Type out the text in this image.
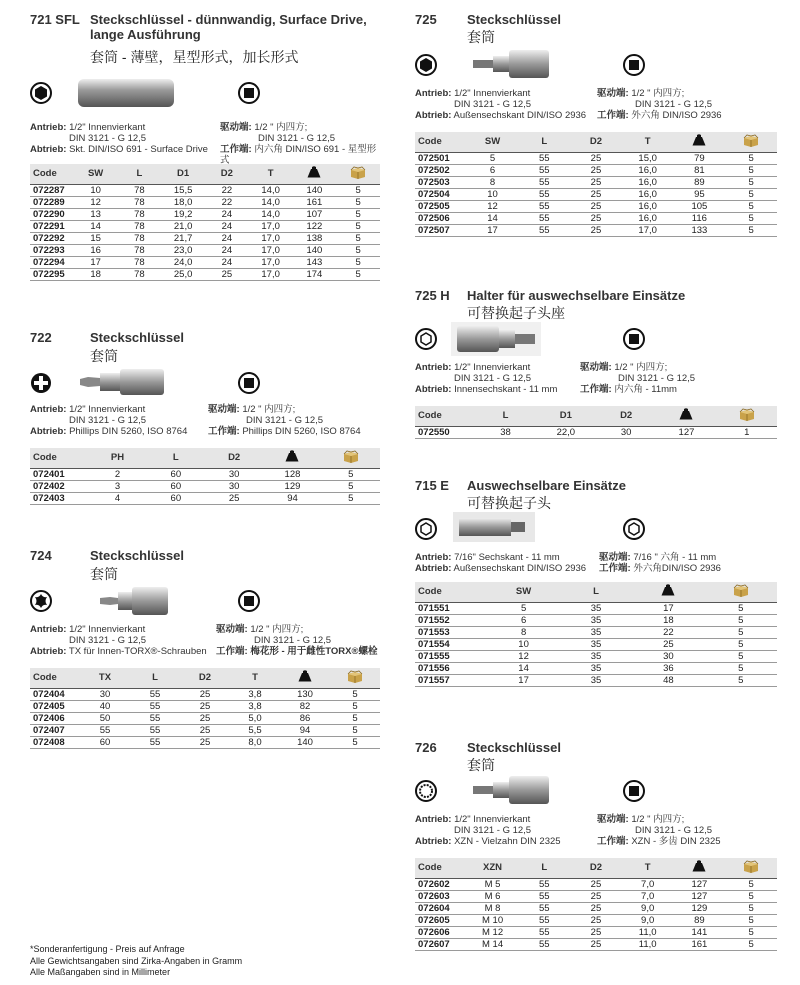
721 SFL Steckschlüssel - dünnwandig, Surface Drive,
lange Ausführung
套筒 - 薄壁，星型形式，加长形式
Antrieb: 1/2" Innenvierkant
DIN 3121 - G 12,5
Abtrieb: Skt. DIN/ISO 691 - Surface Drive
驱动端: 1/2 " 内四方;
DIN 3121 - G 12,5
工作端: 内六角 DIN/ISO 691 - 星型形式
Code	SW	L	D1	D2	T		
072287	10	78	15,5	22	14,0	140	5
072289	12	78	18,0	22	14,0	161	5
072290	13	78	19,2	24	14,0	107	5
072291	14	78	21,0	24	17,0	122	5
072292	15	78	21,7	24	17,0	138	5
072293	16	78	23,0	24	17,0	140	5
072294	17	78	24,0	24	17,0	143	5
072295	18	78	25,0	25	17,0	174	5
722	Steckschlüssel
套筒
Antrieb: 1/2" Innenvierkant
DIN 3121 - G 12,5
Abtrieb: Phillips DIN 5260, ISO 8764
驱动端: 1/2 " 内四方;
DIN 3121 - G 12,5
工作端: Phillips DIN 5260, ISO 8764
Code	PH	L	D2		
072401	2	60	30	128	5
072402	3	60	30	129	5
072403	4	60	25	94	5
724	Steckschlüssel
套筒
Antrieb: 1/2" Innenvierkant
DIN 3121 - G 12,5
Abtrieb: TX für Innen-TORX®-Schrauben
驱动端: 1/2 " 内四方;
DIN 3121 - G 12,5
工作端: 梅花形 - 用于雌性TORX®螺栓
Code	TX	L	D2	T		
072404	30	55	25	3,8	130	5
072405	40	55	25	3,8	82	5
072406	50	55	25	5,0	86	5
072407	55	55	25	5,5	94	5
072408	60	55	25	8,0	140	5
725 Steckschlüssel
套筒
Antrieb: 1/2" Innenvierkant
DIN 3121 - G 12,5
Abtrieb: Außensechskant DIN/ISO 2936
驱动端: 1/2 " 内四方;
DIN 3121 - G 12,5
工作端: 外六角 DIN/ISO 2936
Code	SW	L	D2	T		
072501	5	55	25	15,0	79	5
072502	6	55	25	16,0	81	5
072503	8	55	25	16,0	89	5
072504	10	55	25	16,0	95	5
072505	12	55	25	16,0	105	5
072506	14	55	25	16,0	116	5
072507	17	55	25	17,0	133	5
725 H Halter für auswechselbare Einsätze
可替换起子头座
Antrieb: 1/2" Innenvierkant
DIN 3121 - G 12,5
Abtrieb: Innensechskant - 11 mm
驱动端: 1/2 " 内四方;
DIN 3121 - G 12,5
工作端: 内六角 - 11mm
Code	L	D1	D2		
072550	38	22,0	30	127	1
715 E Auswechselbare Einsätze
可替换起子头
Antrieb: 7/16" Sechskant - 11 mm
Abtrieb: Außensechskant DIN/ISO 2936
驱动端: 7/16 " 六角 - 11 mm
工作端: 外六角DIN/ISO 2936
Code	SW	L		
071551	5	35	17	5
071552	6	35	18	5
071553	8	35	22	5
071554	10	35	25	5
071555	12	35	30	5
071556	14	35	36	5
071557	17	35	48	5
726 Steckschlüssel
套筒
Antrieb: 1/2" Innenvierkant
DIN 3121 - G 12,5
Abtrieb: XZN - Vielzahn DIN 2325
驱动端: 1/2 " 内四方;
DIN 3121 - G 12,5
工作端: XZN - 多齿 DIN 2325
Code	XZN	L	D2	T		
072602	M 5	55	25	7,0	127	5
072603	M 6	55	25	7,0	127	5
072604	M 8	55	25	9,0	129	5
072605	M 10	55	25	9,0	89	5
072606	M 12	55	25	11,0	141	5
072607	M 14	55	25	11,0	161	5
*Sonderanfertigung - Preis auf Anfrage
Alle Gewichtsangaben sind Zirka-Angaben in Gramm
Alle Maßangaben sind in Millimeter
